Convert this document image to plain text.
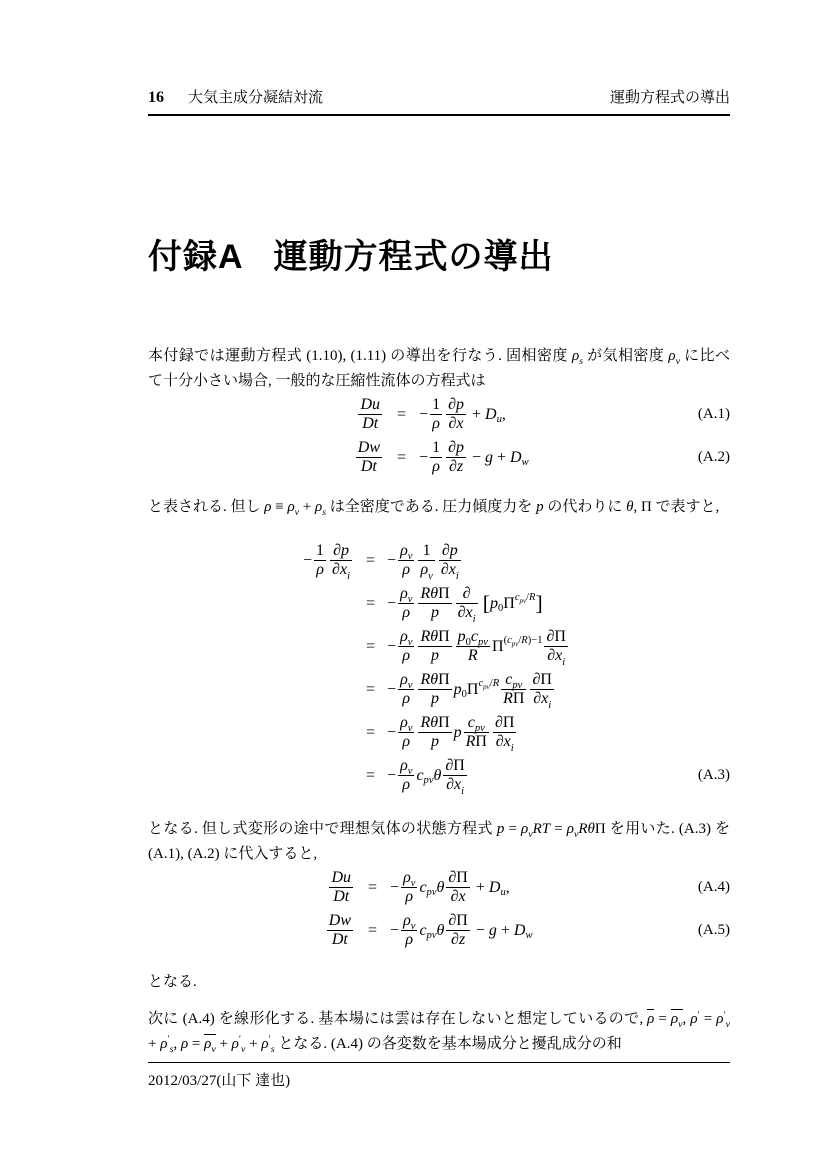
16 大気主成分凝結対流	運動方程式の導出
付録A 運動方程式の導出

本付録では運動方程式 (1.10), (1.11) の導出を行なう. 固相密度 $\rho_s$ が気相密度 $\rho_v$ に比べて十分小さい場合, 一般的な圧縮性流体の方程式は

$\frac{Du}{Dt}$ = − $\frac{1}{\rho} \frac{\partial p}{\partial x} + D$ u ,	(A.1)
$\frac{Dw}{Dt}$ = − $\frac{1}{\rho} \frac{\partial p}{\partial z} - g + D$ w	(A.2)

と表される. 但し $\rho \equiv \rho_v + \rho_s$ は全密度である. 圧力傾度力を p の代わりに θ, Π で表すと,

− $\frac{1}{\rho} \frac{\partial p}{\text{∂ x i}}$ = − $\frac{\text{ρ v}}{\rho} \frac{1}{\text{ρ v}} \frac{\partial p}{\text{∂ x i}}$
= − $\frac{\text{ρ v}}{\rho} \frac{\text{Rθ Π}}{p} \frac{\partial}{\text{∂ x i}}$ [ p 0 Π $c_{pv}/R$ ]
= − $\frac{\text{ρ v}}{\rho} \frac{\text{Rθ Π}}{p} \frac{\text{p 0 c pv}}{R}$ Π $(c_{pv}/R)-1 \frac{\partial \Pi}{\text{∂ x i}}$
= − $\frac{\text{ρ v}}{\rho} \frac{\text{Rθ Π}}{p}$ p 0 Π $c_{pv}/R \frac{\text{c pv}}{\text{R Π}} \frac{\partial \Pi}{\text{∂ x i}}$
= − $\frac{\text{ρ v}}{\rho} \frac{\text{Rθ Π}}{p}$ p $\frac{\text{c pv}}{\text{R Π}} \frac{\partial \Pi}{\text{∂ x i}}$
= − $\frac{\text{ρ v}}{\rho}$ c pv θ $\frac{\partial \Pi}{\text{∂ x i}}$	(A.3)

となる. 但し式変形の途中で理想気体の状態方程式 $p = \rho_vRT = \rho_vR\theta\Pi$ を用いた. (A.3) を (A.1), (A.2) に代入すると,

$\frac{Du}{Dt}$ = − $\frac{\text{ρ v}}{\rho}$ c pv θ $\frac{\partial \Pi}{\partial x} + D$ u ,	(A.4)
$\frac{Dw}{Dt}$ = − $\frac{\text{ρ v}}{\rho}$ c pv θ $\frac{\partial \Pi}{\partial z} - g + D$ w	(A.5)

となる.

次に (A.4) を線形化する. 基本場には雲は存在しないと想定しているので, $\rho = \rho_v$, $\rho' = \rho'_v + \rho'_s$, $\rho = \rho_v + \rho'_v + \rho'_s$ となる. (A.4) の各変数を基本場成分と擾乱成分の和

2012/03/27(山下 達也)
